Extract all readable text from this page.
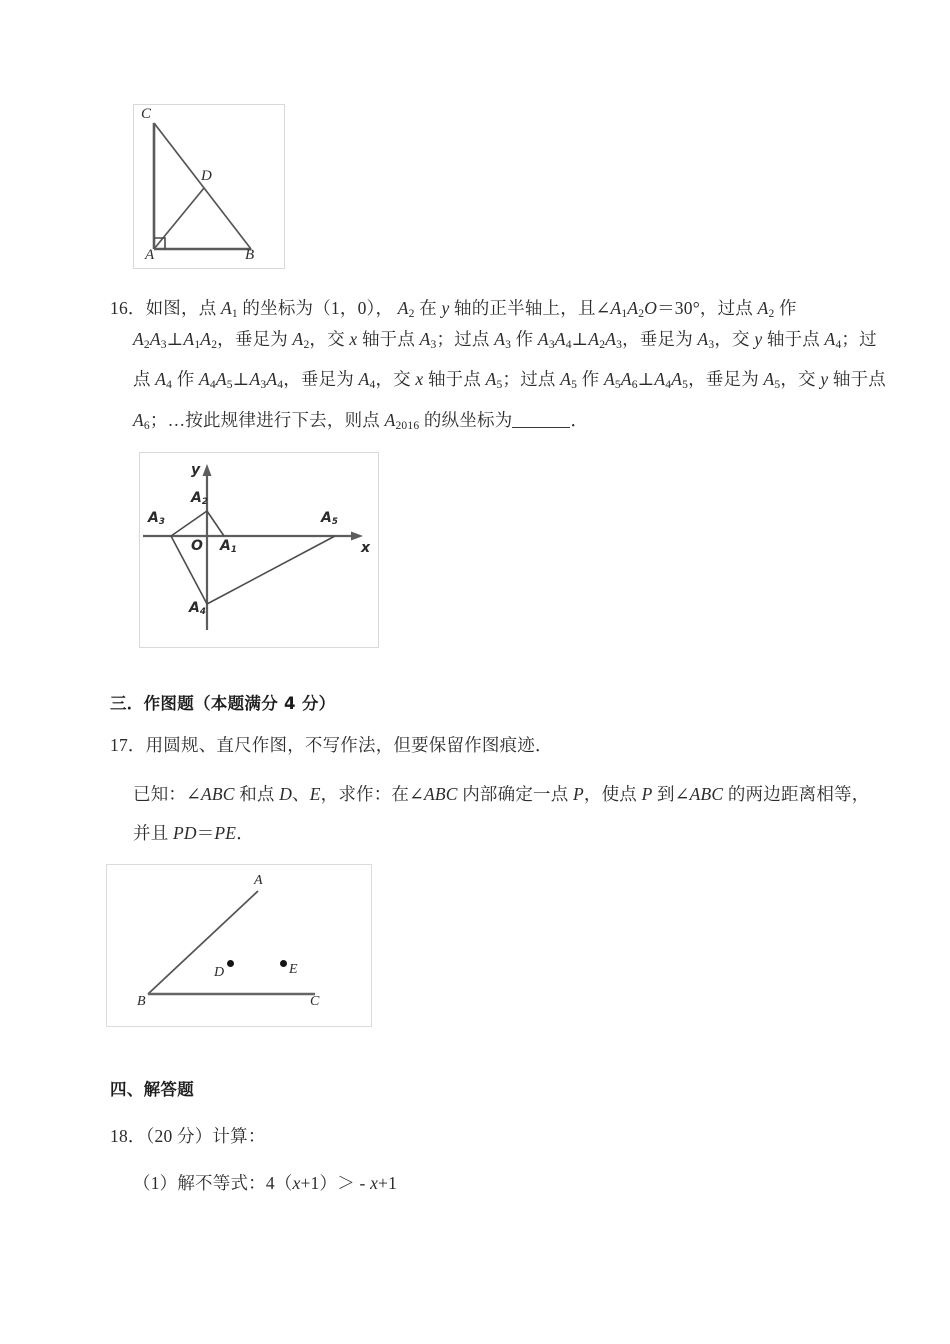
C
D
A	B
16．如图，点 $A_1$ 的坐标为（1，0）， $A_2$ 在 y 轴的正半轴上，且$\angle A_1A_2O=30^\circ$，过点 $A_2$ 作
$A_2A_3\perp A_1A_2$，垂足为 $A_2$，交 x 轴于点 $A_3$；过点 $A_3$ 作 $A_3A_4\perp A_2A_3$，垂足为 $A_3$，交 y 轴于点 $A_4$；过
点 $A_4$ 作 $A_4A_5\perp A_3A_4$，垂足为 $A_4$，交 x 轴于点 $A_5$；过点 $A_5$ 作 $A_5A_6\perp A_4A_5$，垂足为 $A_5$，交 y 轴于点
$A_6$；…按此规律进行下去，则点 $A_{2016}$ 的纵坐标为	．
y
x
O $A_1$
$A_2$
$A_3$
$A_4$
$A_5$
三．作图题（本题满分 4 分）
17．用圆规、直尺作图，不写作法，但要保留作图痕迹．
已知：∠ABC 和点 D、E，求作：在∠ABC 内部确定一点 P，使点 P 到∠ABC 的两边距离相等，
并且 PD＝PE．
A
B	C
D	E
四、解答题
18．（20 分）计算：
（1）解不等式：4（x+1）＞ - x+1
